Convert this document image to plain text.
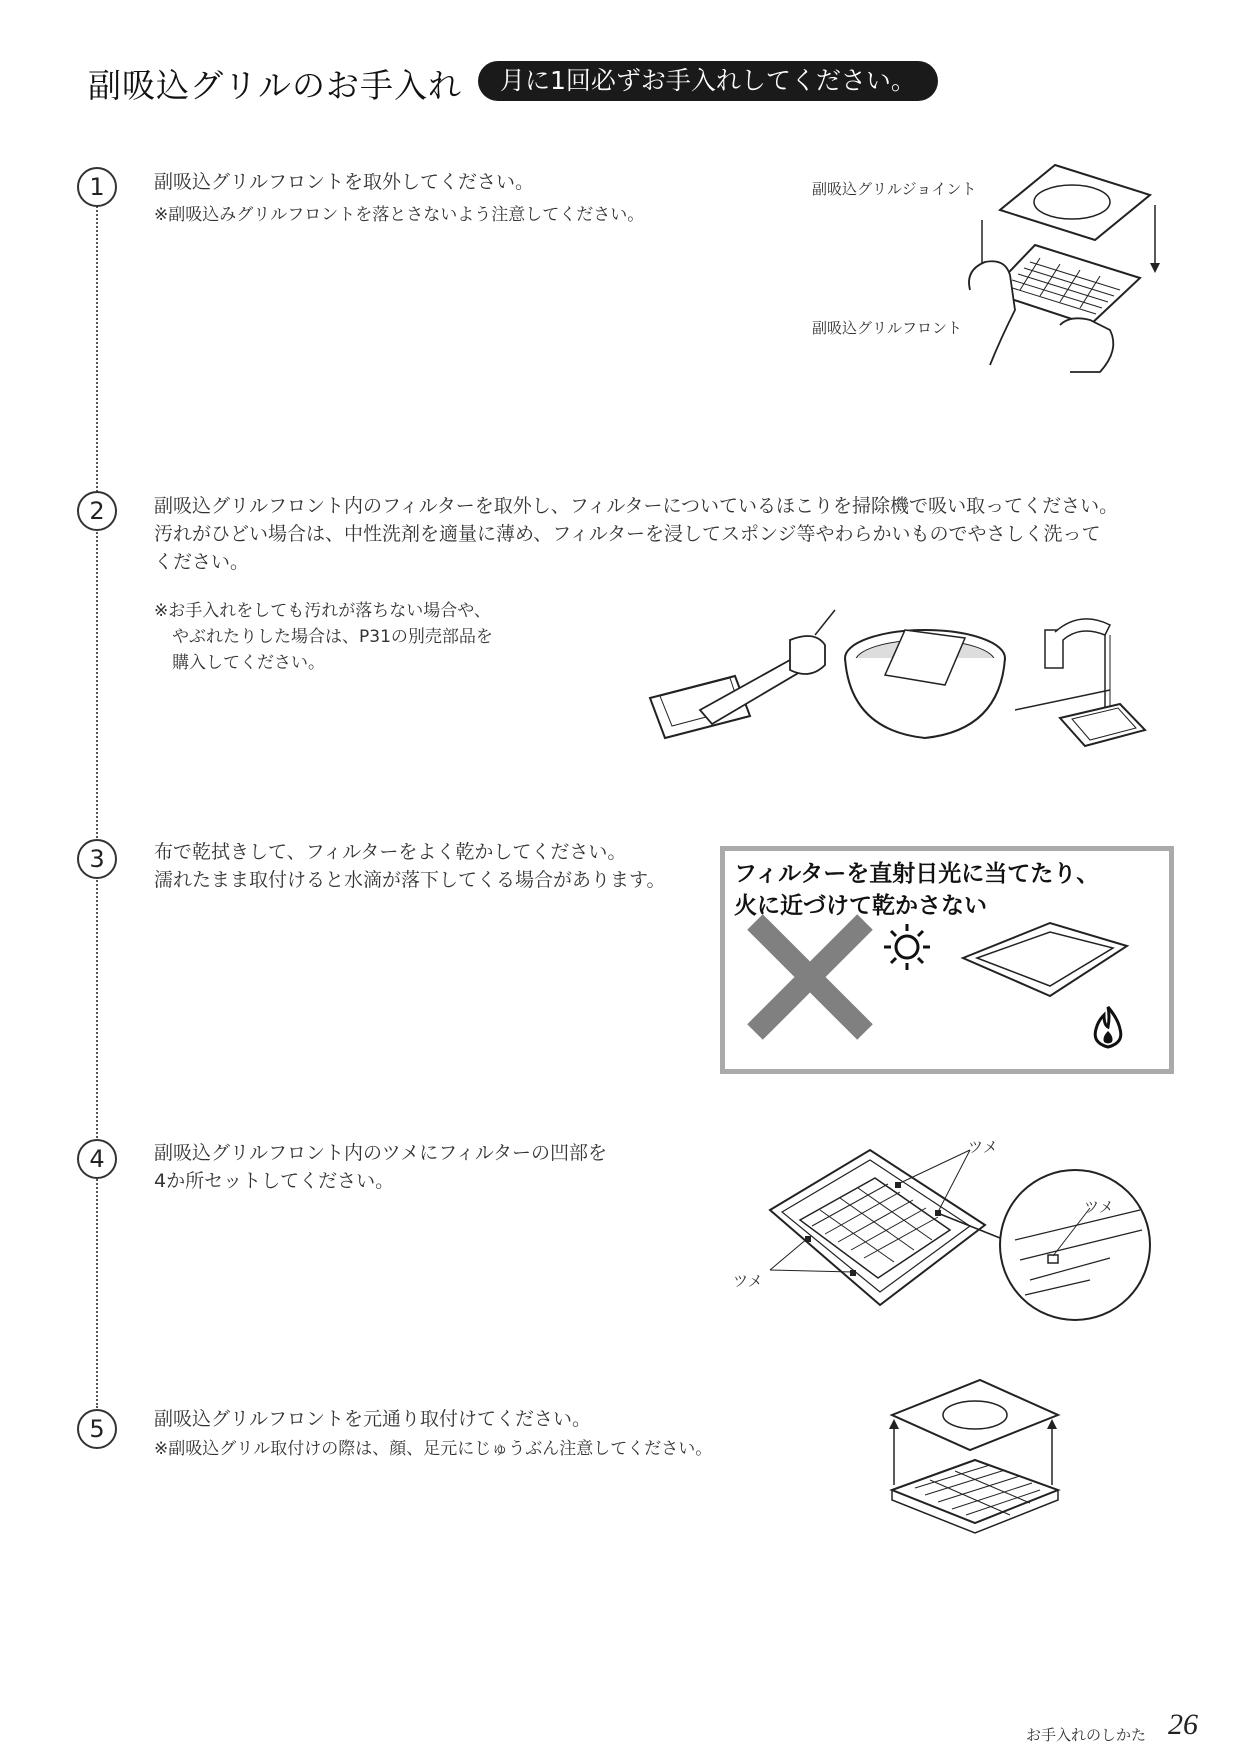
副吸込グリルのお手入れ	月に1回必ずお手入れしてください。
1	副吸込グリルフロントを取外してください。
※副吸込みグリルフロントを落とさないよう注意してください。
副吸込グリルジョイント
副吸込グリルフロント
2	副吸込グリルフロント内のフィルターを取外し、フィルターについているほこりを掃除機で吸い取ってください。
汚れがひどい場合は、中性洗剤を適量に薄め、フィルターを浸してスポンジ等やわらかいものでやさしく洗って
ください。
※お手入れをしても汚れが落ちない場合や、
やぶれたりした場合は、P31の別売部品を
購入してください。
3	布で乾拭きして、フィルターをよく乾かしてください。
濡れたまま取付けると水滴が落下してくる場合があります。	フィルターを直射日光に当てたり、
火に近づけて乾かさない
4	副吸込グリルフロント内のツメにフィルターの凹部を
4か所セットしてください。
ツメ
ツメ
ツメ
5	副吸込グリルフロントを元通り取付けてください。
※副吸込グリル取付けの際は、顔、足元にじゅうぶん注意してください。
お手入れのしかた 26
